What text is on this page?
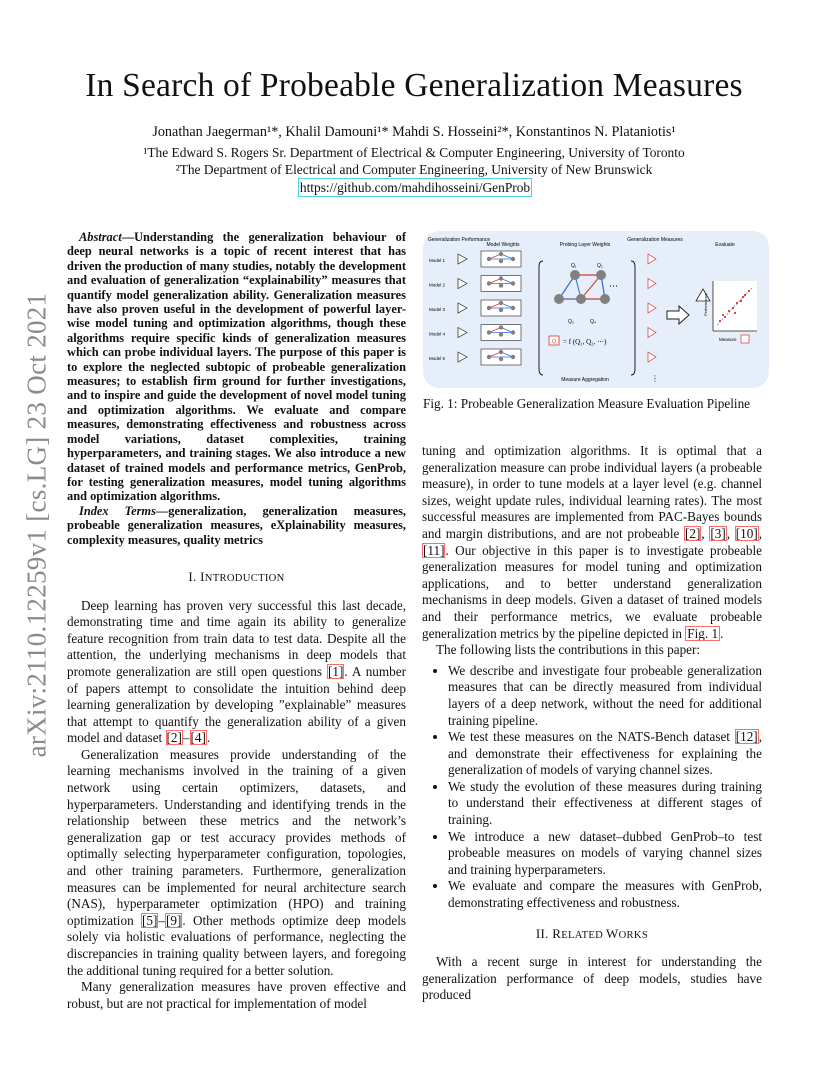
arXiv:2110.12259v1 [cs.LG] 23 Oct 2021
In Search of Probeable Generalization Measures
Jonathan Jaegerman¹*, Khalil Damouni¹* Mahdi S. Hosseini²*, Konstantinos N. Plataniotis¹
¹The Edward S. Rogers Sr. Department of Electrical & Computer Engineering, University of Toronto
²The Department of Electrical and Computer Engineering, University of New Brunswick
https://github.com/mahdihosseini/GenProb

Abstract—Understanding the generalization behaviour of deep neural networks is a topic of recent interest that has driven the production of many studies, notably the development and evaluation of generalization “explainability” measures that quantify model generalization ability. Generalization measures have also proven useful in the development of powerful layer-wise model tuning and optimization algorithms, though these algorithms require specific kinds of generalization measures which can probe individual layers. The purpose of this paper is to explore the neglected subtopic of probeable generalization measures; to establish firm ground for further investigations, and to inspire and guide the development of novel model tuning and optimization algorithms. We evaluate and compare measures, demonstrating effectiveness and robustness across model variations, dataset complexities, training hyperparameters, and training stages. We also introduce a new dataset of trained models and performance metrics, GenProb, for testing generalization measures, model tuning algorithms and optimization algorithms.

Index Terms—generalization, generalization measures, probeable generalization measures, eXplainability measures, complexity measures, quality metrics

I. INTRODUCTION

Deep learning has proven very successful this last decade, demonstrating time and time again its ability to generalize feature recognition from train data to test data. Despite all the attention, the underlying mechanisms in deep models that promote generalization are still open questions [1]. A number of papers attempt to consolidate the intuition behind deep learning generalization by developing ”explainable” measures that attempt to quantify the generalization ability of a given model and dataset [2]–[4].

Generalization measures provide understanding of the learning mechanisms involved in the training of a given network using certain optimizers, datasets, and hyperparameters. Understanding and identifying trends in the relationship between these metrics and the network’s generalization gap or test accuracy provides methods of optimally selecting hyperparameter configuration, topologies, and other training parameters. Furthermore, generalization measures can be implemented for neural architecture search (NAS), hyperparameter optimization (HPO) and training optimization [5]–[9]. Other methods optimize deep models solely via holistic evaluations of performance, neglecting the discrepancies in training quality between layers, and foregoing the additional tuning required for a better solution.

Many generalization measures have proven effective and robust, but are not practical for implementation of model

Generalization Performance
Model Weights	Probing Layer Weights
Generalization Measures
Evaluate
Model 1
Model 2
Model 3
Model 4
Model 5
Q₁	Q₂
Q₃	Q₄
⋯
Q = f (Q₁, Q₂, ⋯)
Measure Aggregation
Performance
Measure
⋮
Fig. 1: Probeable Generalization Measure Evaluation Pipeline

tuning and optimization algorithms. It is optimal that a generalization measure can probe individual layers (a probeable measure), in order to tune models at a layer level (e.g. channel sizes, weight update rules, individual learning rates). The most successful measures are implemented from PAC-Bayes bounds and margin distributions, and are not probeable [2], [3], [10], [11]. Our objective in this paper is to investigate probeable generalization measures for model tuning and optimization applications, and to better understand generalization mechanisms in deep models. Given a dataset of trained models and their performance metrics, we evaluate probeable generalization metrics by the pipeline depicted in Fig. 1 .

The following lists the contributions in this paper:

• We describe and investigate four probeable generalization measures that can be directly measured from individual layers of a deep network, without the need for additional training pipeline.
• We test these measures on the NATS-Bench dataset [12], and demonstrate their effectiveness for explaining the generalization of models of varying channel sizes.
• We study the evolution of these measures during training to understand their effectiveness at different stages of training.
• We introduce a new dataset–dubbed GenProb–to test probeable measures on models of varying channel sizes and training hyperparameters.
• We evaluate and compare the measures with GenProb, demonstrating effectiveness and robustness.
II. RELATED WORKS

With a recent surge in interest for understanding the generalization performance of deep models, studies have produced
